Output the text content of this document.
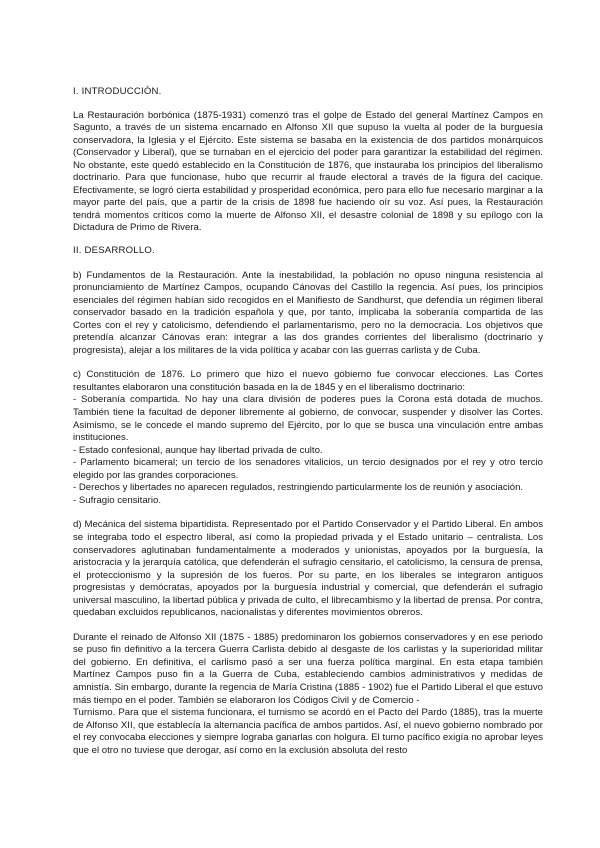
I. INTRODUCCIÓN.

La Restauración borbónica (1875-1931) comenzó tras el golpe de Estado del general Martínez Campos en Sagunto, a través de un sistema encarnado en Alfonso XII que supuso la vuelta al poder de la burguesía conservadora, la Iglesia y el Ejército. Este sistema se basaba en la existencia de dos partidos monárquicos (Conservador y Liberal), que se turnaban en el ejercicio del poder para garantizar la estabilidad del régimen. No obstante, este quedó establecido en la Constitución de 1876, que instauraba los principios del liberalismo doctrinario. Para que funcionase, hubo que recurrir al fraude electoral a través de la figura del cacique. Efectivamente, se logró cierta estabilidad y prosperidad económica, pero para ello fue necesario marginar a la mayor parte del país, que a partir de la crisis de 1898 fue haciendo oír su voz. Así pues, la Restauración tendrá momentos críticos como la muerte de Alfonso XII, el desastre colonial de 1898 y su epílogo con la Dictadura de Primo de Rivera.

II. DESARROLLO.

b) Fundamentos de la Restauración. Ante la inestabilidad, la población no opuso ninguna resistencia al pronunciamiento de Martínez Campos, ocupando Cánovas del Castillo la regencia. Así pues, los principios esenciales del régimen habían sido recogidos en el Manifiesto de Sandhurst, que defendía un régimen liberal conservador basado en la tradición española y que, por tanto, implicaba la soberanía compartida de las Cortes con el rey y catolicismo, defendiendo el parlamentarismo, pero no la democracia. Los objetivos que pretendía alcanzar Cánovas eran: integrar a las dos grandes corrientes del liberalismo (doctrinario y progresista), alejar a los militares de la vida política y acabar con las guerras carlista y de Cuba.

c) Constitución de 1876. Lo primero que hizo el nuevo gobierno fue convocar elecciones. Las Cortes resultantes elaboraron una constitución basada en la de 1845 y en el liberalismo doctrinario:

- Soberanía compartida. No hay una clara división de poderes pues la Corona está dotada de muchos. También tiene la facultad de deponer libremente al gobierno, de convocar, suspender y disolver las Cortes. Asimismo, se le concede el mando supremo del Ejército, por lo que se busca una vinculación entre ambas instituciones.

- Estado confesional, aunque hay libertad privada de culto.

- Parlamento bicameral; un tercio de los senadores vitalicios, un tercio designados por el rey y otro tercio elegido por las grandes corporaciones.

- Derechos y libertades no aparecen regulados, restringiendo particularmente los de reunión y asociación.

- Sufragio censitario.

d) Mecánica del sistema bipartidista. Representado por el Partido Conservador y el Partido Liberal. En ambos se integraba todo el espectro liberal, así como la propiedad privada y el Estado unitario – centralista. Los conservadores aglutinaban fundamentalmente a moderados y unionistas, apoyados por la burguesía, la aristocracia y la jerarquía católica, que defenderán el sufragio censitario, el catolicismo, la censura de prensa, el proteccionismo y la supresión de los fueros. Por su parte, en los liberales se integraron antiguos progresistas y demócratas, apoyados por la burguesía industrial y comercial, que defenderán el sufragio universal masculino, la libertad pública y privada de culto, el librecambismo y la libertad de prensa. Por contra, quedaban excluidos republicanos, nacionalistas y diferentes movimientos obreros.

Durante el reinado de Alfonso XII (1875 - 1885) predominaron los gobiernos conservadores y en ese periodo se puso fin definitivo a la tercera Guerra Carlista debido al desgaste de los carlistas y la superioridad militar del gobierno. En definitiva, el carlismo pasó a ser una fuerza política marginal. En esta etapa también Martínez Campos puso fin a la Guerra de Cuba, estableciendo cambios administrativos y medidas de amnistía. Sin embargo, durante la regencia de María Cristina (1885 - 1902) fue el Partido Liberal el que estuvo más tiempo en el poder. También se elaboraron los Códigos Civil y de Comercio -

Turnismo. Para que el sistema funcionara, el turnismo se acordó en el Pacto del Pardo (1885), tras la muerte de Alfonso XII, que establecía la alternancia pacífica de ambos partidos. Así, el nuevo gobierno nombrado por el rey convocaba elecciones y siempre lograba ganarlas con holgura. El turno pacífico exigía no aprobar leyes que el otro no tuviese que derogar, así como en la exclusión absoluta del resto
